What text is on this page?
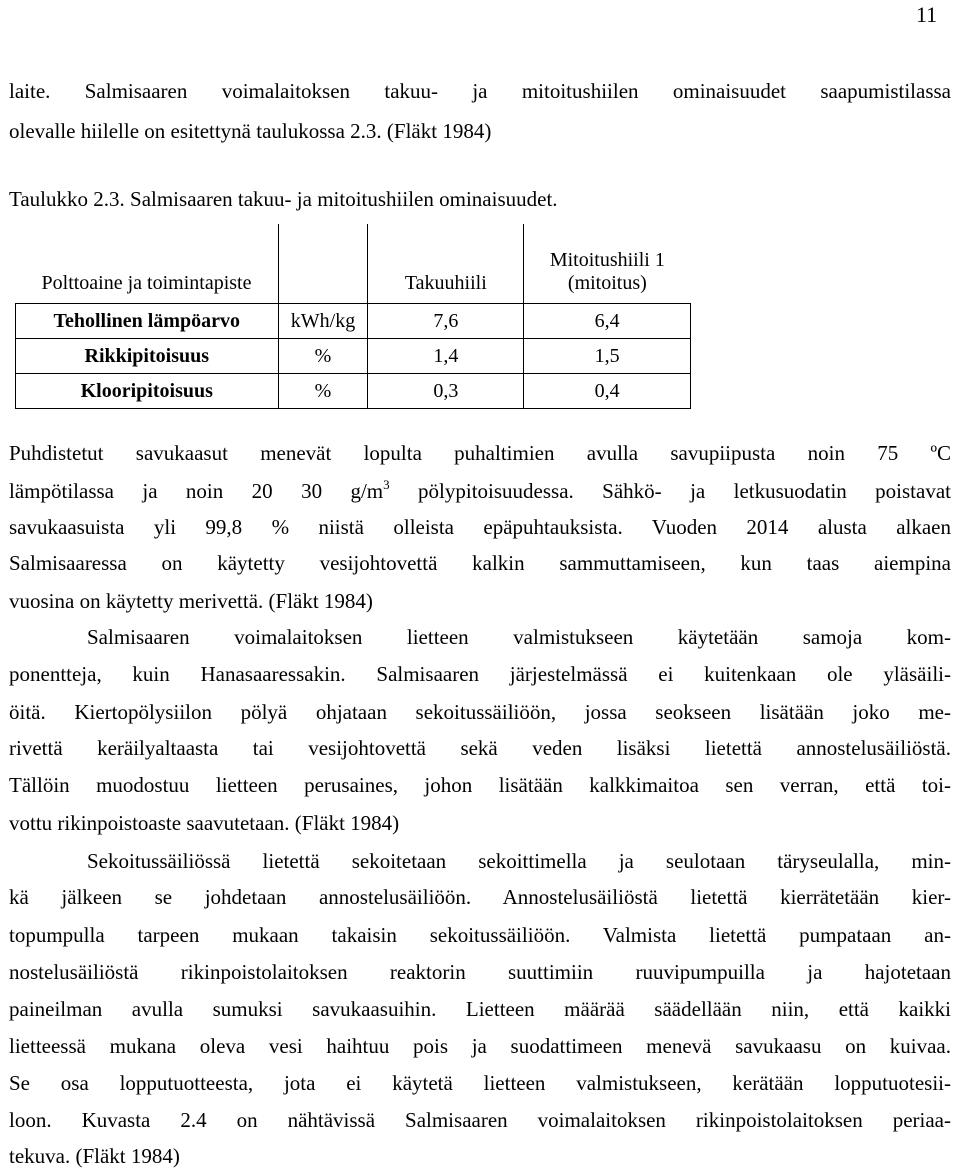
11
laite. Salmisaaren voimalaitoksen takuu- ja mitoitushiilen ominaisuudet saapumistilassa
olevalle hiilelle on esitettynä taulukossa 2.3. (Fläkt 1984)
Taulukko 2.3. Salmisaaren takuu- ja mitoitushiilen ominaisuudet.
Polttoaine ja toimintapiste		Takuuhiili	Mitoitushiili 1
(mitoitus)

Tehollinen lämpöarvo	kWh/kg	7,6	6,4
Rikkipitoisuus	%	1,4	1,5
Klooripitoisuus	%	0,3	0,4
Puhdistetut savukaasut menevät lopulta puhaltimien avulla savupiipusta noin 75 ºC
lämpötilassa ja noin 20 30 $g/m^3$ pölypitoisuudessa. Sähkö- ja letkusuodatin poistavat
savukaasuista yli 99,8 % niistä olleista epäpuhtauksista. Vuoden 2014 alusta alkaen
Salmisaaressa on käytetty vesijohtovettä kalkin sammuttamiseen, kun taas aiempina
vuosina on käytetty merivettä. (Fläkt 1984)
Salmisaaren voimalaitoksen lietteen valmistukseen käytetään samoja kom-
ponentteja, kuin Hanasaaressakin. Salmisaaren järjestelmässä ei kuitenkaan ole yläsäili-
öitä. Kiertopölysiilon pölyä ohjataan sekoitussäiliöön, jossa seokseen lisätään joko me-
rivettä keräilyaltaasta tai vesijohtovettä sekä veden lisäksi lietettä annostelusäiliöstä.
Tällöin muodostuu lietteen perusaines, johon lisätään kalkkimaitoa sen verran, että toi-
vottu rikinpoistoaste saavutetaan. (Fläkt 1984)
Sekoitussäiliössä lietettä sekoitetaan sekoittimella ja seulotaan täryseulalla, min-
kä jälkeen se johdetaan annostelusäiliöön. Annostelusäiliöstä lietettä kierrätetään kier-
topumpulla tarpeen mukaan takaisin sekoitussäiliöön. Valmista lietettä pumpataan an-
nostelusäiliöstä rikinpoistolaitoksen reaktorin suuttimiin ruuvipumpuilla ja hajotetaan
paineilman avulla sumuksi savukaasuihin. Lietteen määrää säädellään niin, että kaikki
lietteessä mukana oleva vesi haihtuu pois ja suodattimeen menevä savukaasu on kuivaa.
Se osa lopputuotteesta, jota ei käytetä lietteen valmistukseen, kerätään lopputuotesii-
loon. Kuvasta 2.4 on nähtävissä Salmisaaren voimalaitoksen rikinpoistolaitoksen periaa-
tekuva. (Fläkt 1984)
